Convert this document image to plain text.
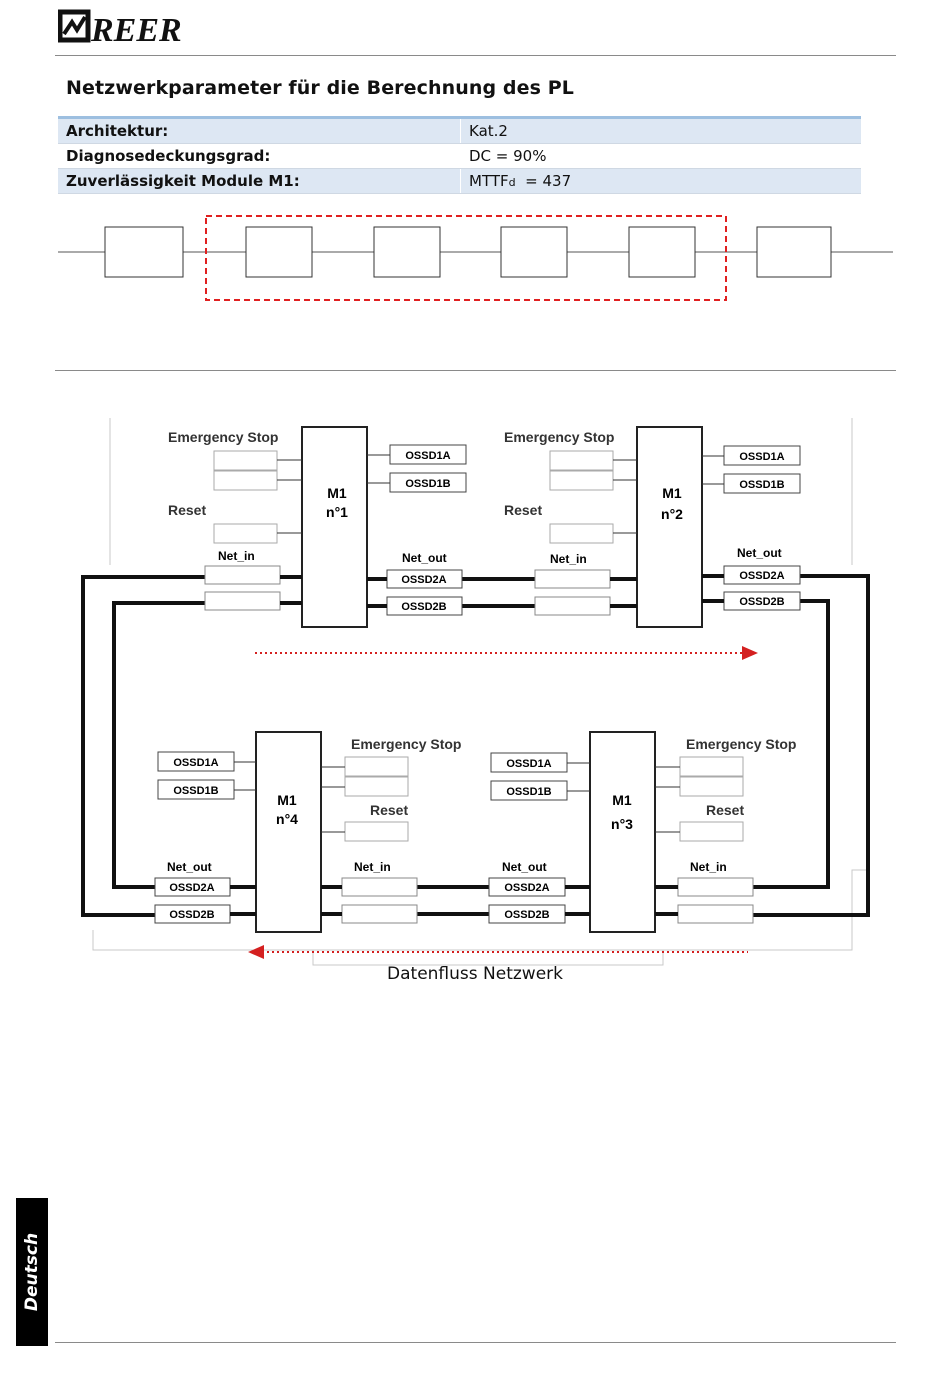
REER
Netzwerkparameter für die Berechnung des PL
Architektur:	Kat.2
Diagnosedeckungsgrad:	DC = 90%
Zuverlässigkeit Module M1:	MTTFd  = 437
M1
n°1
Emergency Stop
Reset
Net_in
OSSD1A
OSSD1B
Net_out
OSSD2A
OSSD2B
M1
n°2
Emergency Stop
Reset
Net_in
OSSD1A
OSSD1B
Net_out
OSSD2A
OSSD2B
M1
n°4
OSSD1A
OSSD1B
Emergency Stop
Reset
Net_out
OSSD2A
OSSD2B
Net_in
M1
n°3
OSSD1A
OSSD1B
Emergency Stop
Reset
Net_out
OSSD2A
OSSD2B
Net_in
Datenfluss Netzwerk
Deutsch
